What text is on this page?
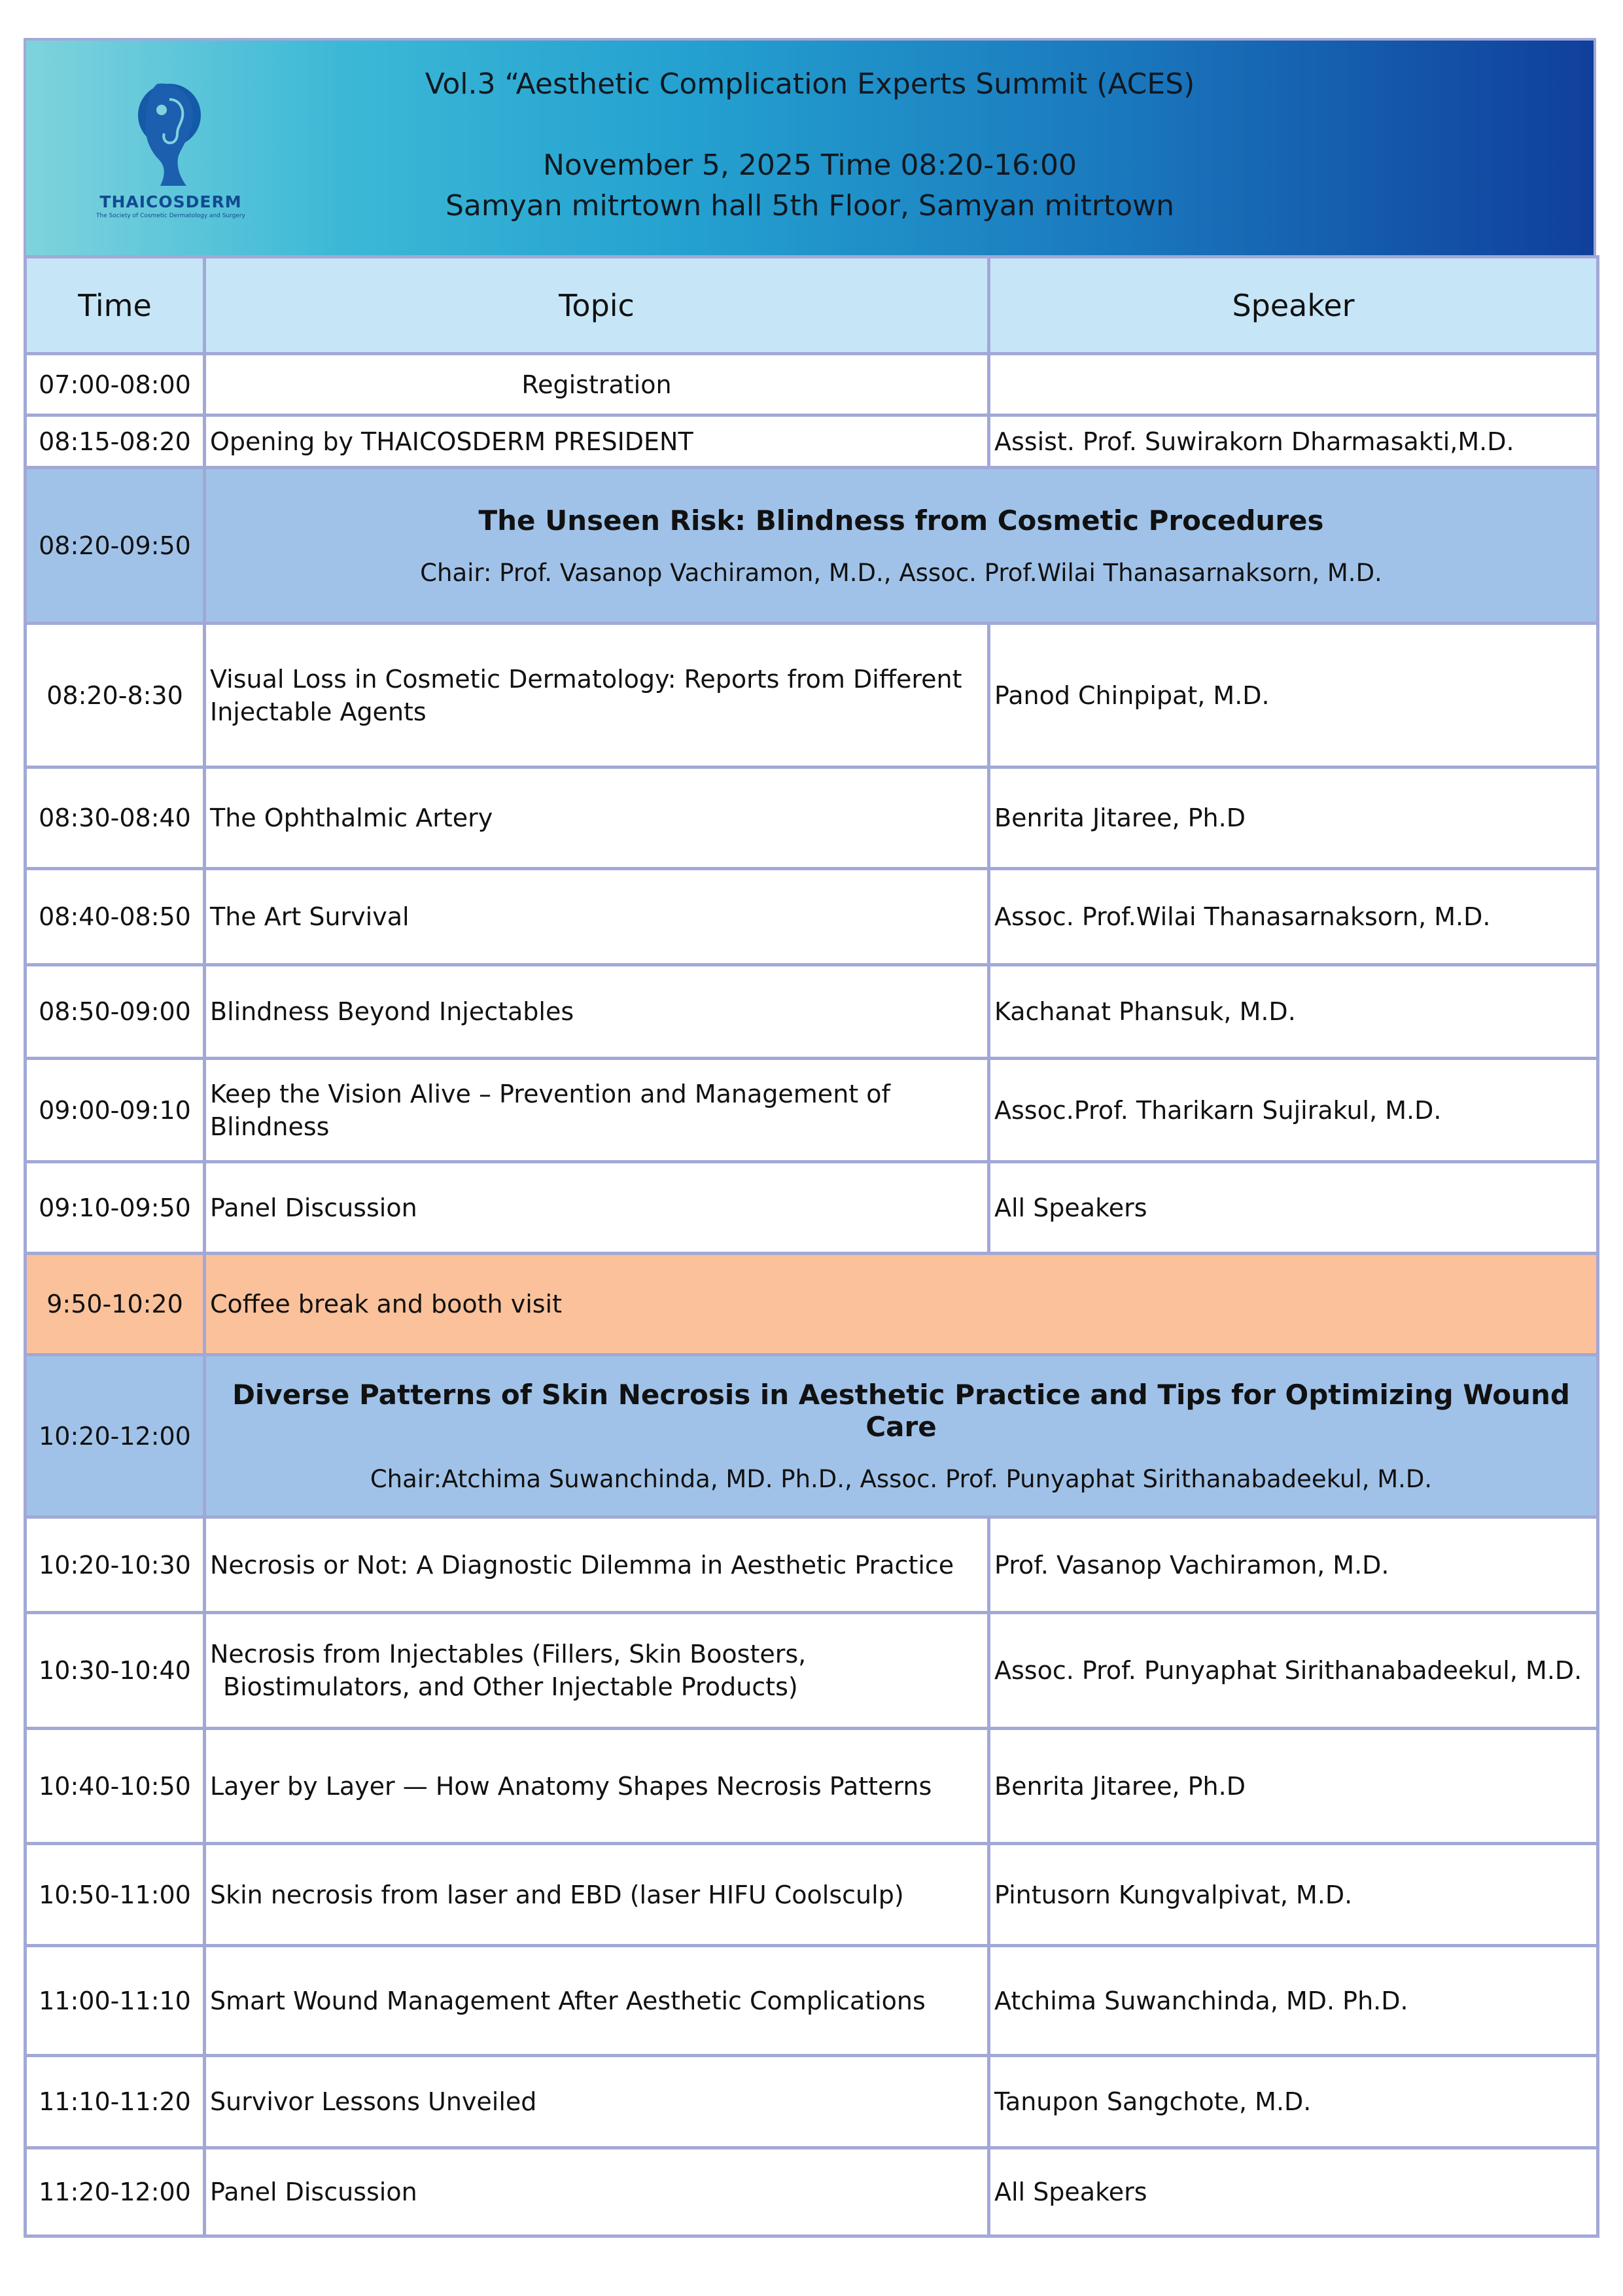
THAICOSDERM
The Society of Cosmetic Dermatology and Surgery
Vol.3 “Aesthetic Complication Experts Summit (ACES)
November 5, 2025 Time 08:20-16:00
Samyan mitrtown hall 5th Floor, Samyan mitrtown
Time	Topic	Speaker
07:00-08:00	Registration	
08:15-08:20	Opening by THAICOSDERM PRESIDENT	Assist. Prof. Suwirakorn Dharmasakti,M.D.
08:20-09:50	The Unseen Risk: Blindness from Cosmetic Procedures
Chair: Prof. Vasanop Vachiramon, M.D., Assoc. Prof.Wilai Thanasarnaksorn, M.D.	

08:20-8:30	Visual Loss in Cosmetic Dermatology: Reports from Different
Injectable Agents	Panod Chinpipat, M.D.
08:30-08:40	The Ophthalmic Artery	Benrita Jitaree, Ph.D
08:40-08:50	The Art Survival	Assoc. Prof.Wilai Thanasarnaksorn, M.D.
08:50-09:00	Blindness Beyond Injectables	Kachanat Phansuk, M.D.
09:00-09:10	Keep the Vision Alive – Prevention and Management of
Blindness	Assoc.Prof. Tharikarn Sujirakul, M.D.
09:10-09:50	Panel Discussion	All Speakers
9:50-10:20	Coffee break and booth visit	
10:20-12:00	Diverse Patterns of Skin Necrosis in Aesthetic Practice and Tips for Optimizing Wound Care
Chair:Atchima Suwanchinda, MD. Ph.D., Assoc. Prof. Punyaphat Sirithanabadeekul, M.D.	

10:20-10:30	Necrosis or Not: A Diagnostic Dilemma in Aesthetic Practice	Prof. Vasanop Vachiramon, M.D.
10:30-10:40	Necrosis from Injectables (Fillers, Skin Boosters,
Biostimulators, and Other Injectable Products)	Assoc. Prof. Punyaphat Sirithanabadeekul, M.D.
10:40-10:50	Layer by Layer — How Anatomy Shapes Necrosis Patterns	Benrita Jitaree, Ph.D
10:50-11:00	Skin necrosis from laser and EBD (laser HIFU Coolsculp)	Pintusorn Kungvalpivat, M.D.
11:00-11:10	Smart Wound Management After Aesthetic Complications	Atchima Suwanchinda, MD. Ph.D.
11:10-11:20	Survivor Lessons Unveiled	Tanupon Sangchote, M.D.
11:20-12:00	Panel Discussion	All Speakers
